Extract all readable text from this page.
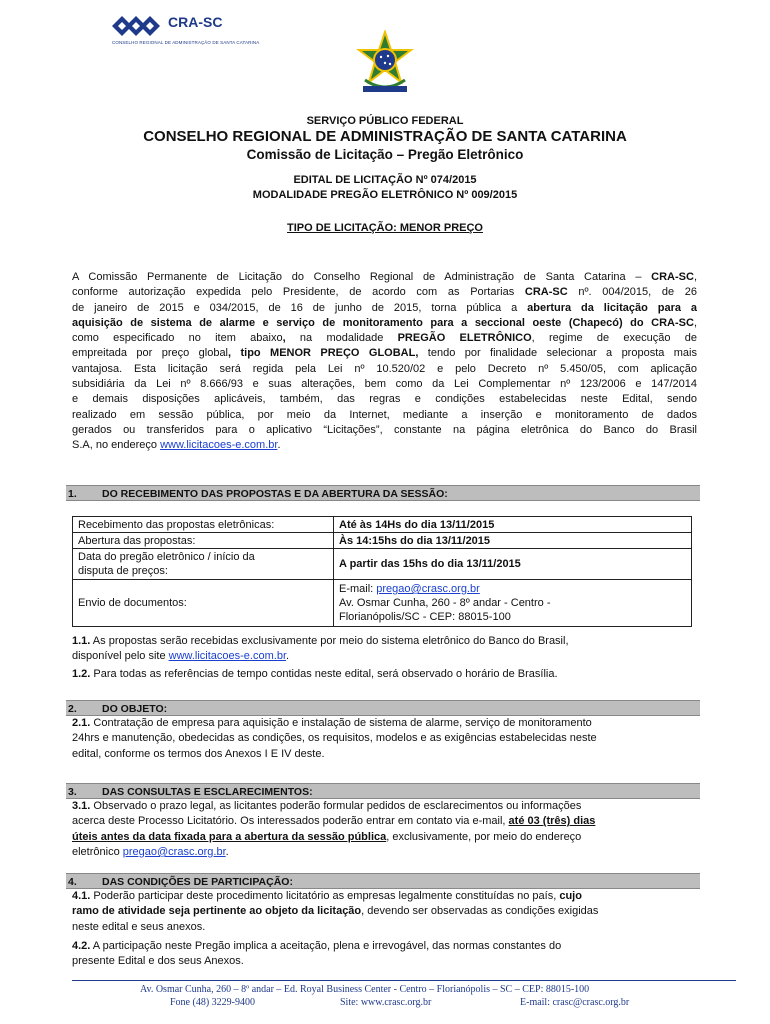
CRA-SC
CONSELHO REGIONAL DE ADMINISTRAÇÃO DE SANTA CATARINA
SERVIÇO PÚBLICO FEDERAL
CONSELHO REGIONAL DE ADMINISTRAÇÃO DE SANTA CATARINA
Comissão de Licitação – Pregão Eletrônico
EDITAL DE LICITAÇÃO Nº 074/2015
MODALIDADE PREGÃO ELETRÔNICO Nº 009/2015
TIPO DE LICITAÇÃO: MENOR PREÇO
A Comissão Permanente de Licitação do Conselho Regional de Administração de Santa Catarina – CRA-SC,
conforme autorização expedida pelo Presidente, de acordo com as Portarias CRA-SC nº. 004/2015, de 26
de janeiro de 2015 e 034/2015, de 16 de junho de 2015, torna pública a abertura da licitação para a
aquisição de sistema de alarme e serviço de monitoramento para a seccional oeste (Chapecó) do CRA-SC,
como especificado no item abaixo, na modalidade PREGÃO ELETRÔNICO, regime de execução de
empreitada por preço global, tipo MENOR PREÇO GLOBAL, tendo por finalidade selecionar a proposta mais
vantajosa. Esta licitação será regida pela Lei nº 10.520/02 e pelo Decreto nº 5.450/05, com aplicação
subsidiária da Lei nº 8.666/93 e suas alterações, bem como da Lei Complementar nº 123/2006 e 147/2014
e demais disposições aplicáveis, também, das regras e condições estabelecidas neste Edital, sendo
realizado em sessão pública, por meio da Internet, mediante a inserção e monitoramento de dados
gerados ou transferidos para o aplicativo “Licitações”, constante na página eletrônica do Banco do Brasil
S.A, no endereço www.licitacoes-e.com.br.
1. DO RECEBIMENTO DAS PROPOSTAS E DA ABERTURA DA SESSÃO:
Recebimento das propostas eletrônicas:	Até às 14Hs do dia 13/11/2015
Abertura das propostas:	Às 14:15hs do dia 13/11/2015
Data do pregão eletrônico / início da
disputa de preços:	A partir das 15hs do dia 13/11/2015
Envio de documentos:	E-mail: pregao@crasc.org.br
Av. Osmar Cunha, 260 - 8º andar - Centro -
Florianópolis/SC - CEP: 88015-100
1.1. As propostas serão recebidas exclusivamente por meio do sistema eletrônico do Banco do Brasil,
disponível pelo site www.licitacoes-e.com.br.
1.2. Para todas as referências de tempo contidas neste edital, será observado o horário de Brasília.
2. DO OBJETO:
2.1. Contratação de empresa para aquisição e instalação de sistema de alarme, serviço de monitoramento
24hrs e manutenção, obedecidas as condições, os requisitos, modelos e as exigências estabelecidas neste
edital, conforme os termos dos Anexos I E IV deste.
3. DAS CONSULTAS E ESCLARECIMENTOS:
3.1. Observado o prazo legal, as licitantes poderão formular pedidos de esclarecimentos ou informações
acerca deste Processo Licitatório. Os interessados poderão entrar em contato via e-mail, até 03 (três) dias
úteis antes da data fixada para a abertura da sessão pública, exclusivamente, por meio do endereço
eletrônico pregao@crasc.org.br.
4. DAS CONDIÇÕES DE PARTICIPAÇÃO:
4.1. Poderão participar deste procedimento licitatório as empresas legalmente constituídas no país, cujo
ramo de atividade seja pertinente ao objeto da licitação, devendo ser observadas as condições exigidas
neste edital e seus anexos.
4.2. A participação neste Pregão implica a aceitação, plena e irrevogável, das normas constantes do
presente Edital e dos seus Anexos.
Av. Osmar Cunha, 260 – 8º andar – Ed. Royal Business Center - Centro – Florianópolis – SC – CEP: 88015-100
Fone (48) 3229-9400	Site: www.crasc.org.br	E-mail: crasc@crasc.org.br
